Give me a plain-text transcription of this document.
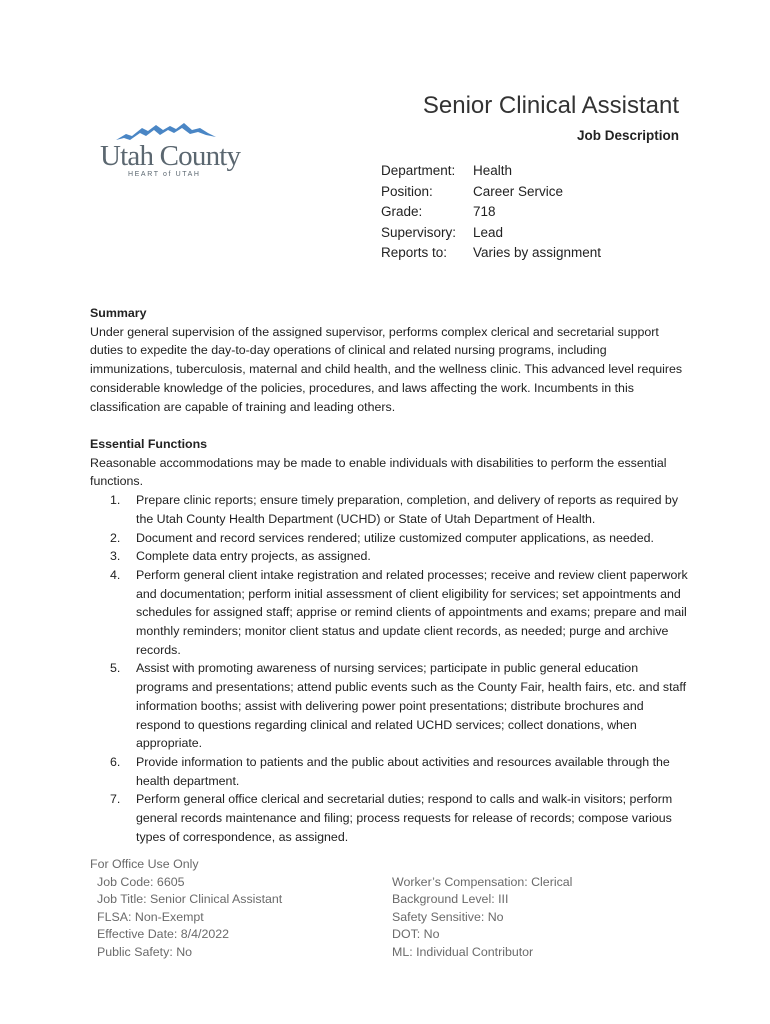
Utah County
HEART of UTAH
Senior Clinical Assistant
Job Description
Department: Health
Position:	Career Service
Grade:	718
Supervisory: Lead
Reports to: Varies by assignment
Summary

Under general supervision of the assigned supervisor, performs complex clerical and secretarial support duties to expedite the day-to-day operations of clinical and related nursing programs, including immunizations, tuberculosis, maternal and child health, and the wellness clinic. This advanced level requires considerable knowledge of the policies, procedures, and laws affecting the work. Incumbents in this classification are capable of training and leading others.

Essential Functions

Reasonable accommodations may be made to enable individuals with disabilities to perform the essential functions.

1. Prepare clinic reports; ensure timely preparation, completion, and delivery of reports as required by the Utah County Health Department (UCHD) or State of Utah Department of Health.
2. Document and record services rendered; utilize customized computer applications, as needed.
3. Complete data entry projects, as assigned.
4. Perform general client intake registration and related processes; receive and review client paperwork and documentation; perform initial assessment of client eligibility for services; set appointments and schedules for assigned staff; apprise or remind clients of appointments and exams; prepare and mail monthly reminders; monitor client status and update client records, as needed; purge and archive records.
5. Assist with promoting awareness of nursing services; participate in public general education programs and presentations; attend public events such as the County Fair, health fairs, etc. and staff information booths; assist with delivering power point presentations; distribute brochures and respond to questions regarding clinical and related UCHD services; collect donations, when appropriate.
6. Provide information to patients and the public about activities and resources available through the health department.
7. Perform general office clerical and secretarial duties; respond to calls and walk-in visitors; perform general records maintenance and filing; process requests for release of records; compose various types of correspondence, as assigned.
For Office Use Only
Job Code: 6605
Job Title: Senior Clinical Assistant
FLSA: Non-Exempt
Effective Date: 8/4/2022
Public Safety: No
Worker’s Compensation: Clerical
Background Level: III
Safety Sensitive: No
DOT: No
ML: Individual Contributor
